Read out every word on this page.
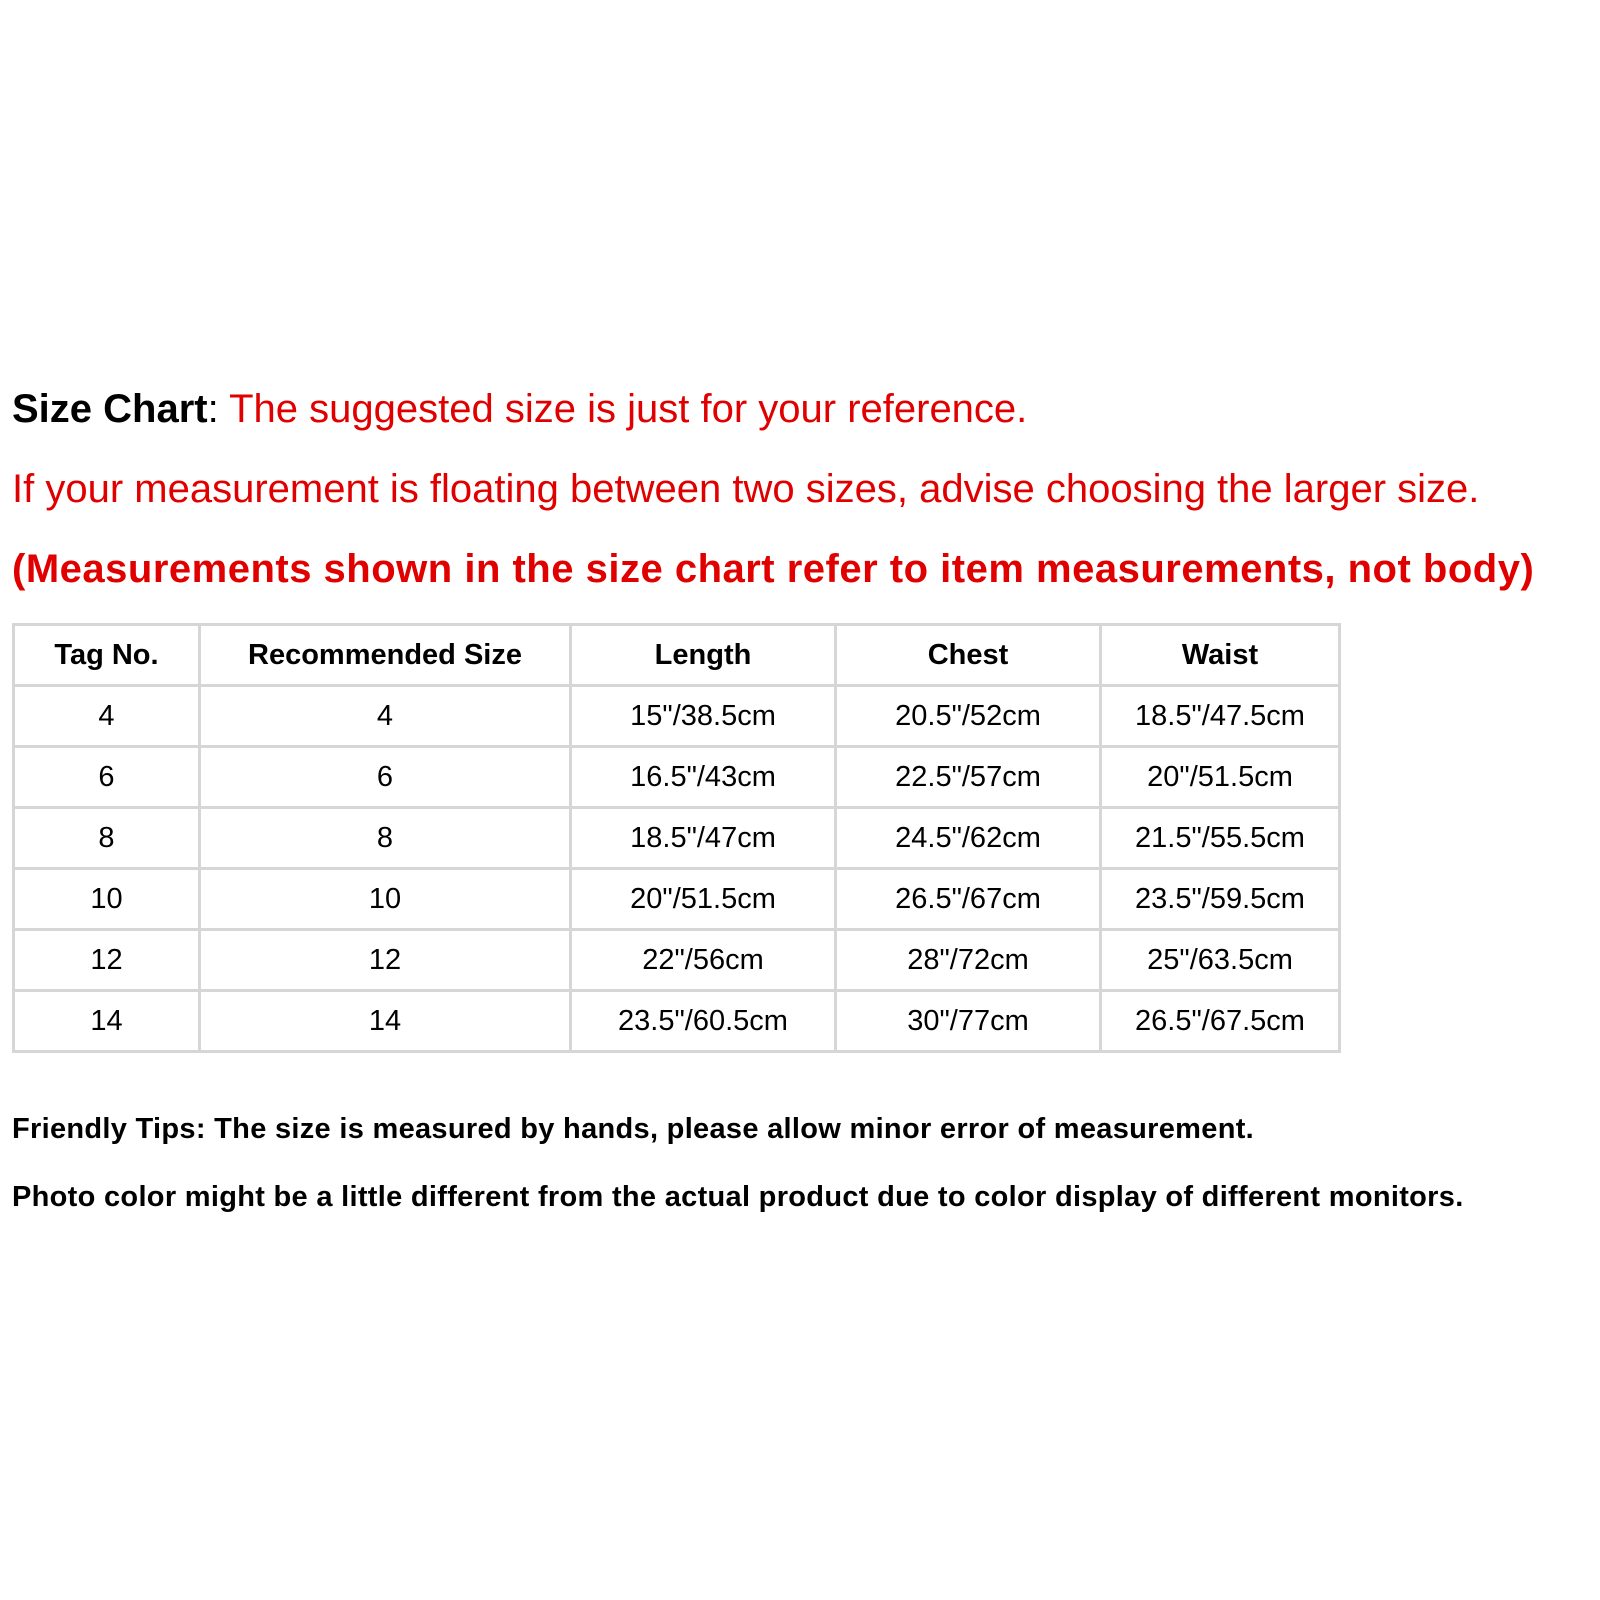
Size Chart: The suggested size is just for your reference.

If your measurement is floating between two sizes, advise choosing the larger size.

(Measurements shown in the size chart refer to item measurements, not body)

Tag No.	Recommended Size	Length	Chest	Waist
4	4	15"/38.5cm	20.5"/52cm	18.5"/47.5cm
6	6	16.5"/43cm	22.5"/57cm	20"/51.5cm
8	8	18.5"/47cm	24.5"/62cm	21.5"/55.5cm
10	10	20"/51.5cm	26.5"/67cm	23.5"/59.5cm
12	12	22"/56cm	28"/72cm	25"/63.5cm
14	14	23.5"/60.5cm	30"/77cm	26.5"/67.5cm

Friendly Tips: The size is measured by hands, please allow minor error of measurement.

Photo color might be a little different from the actual product due to color display of different monitors.
